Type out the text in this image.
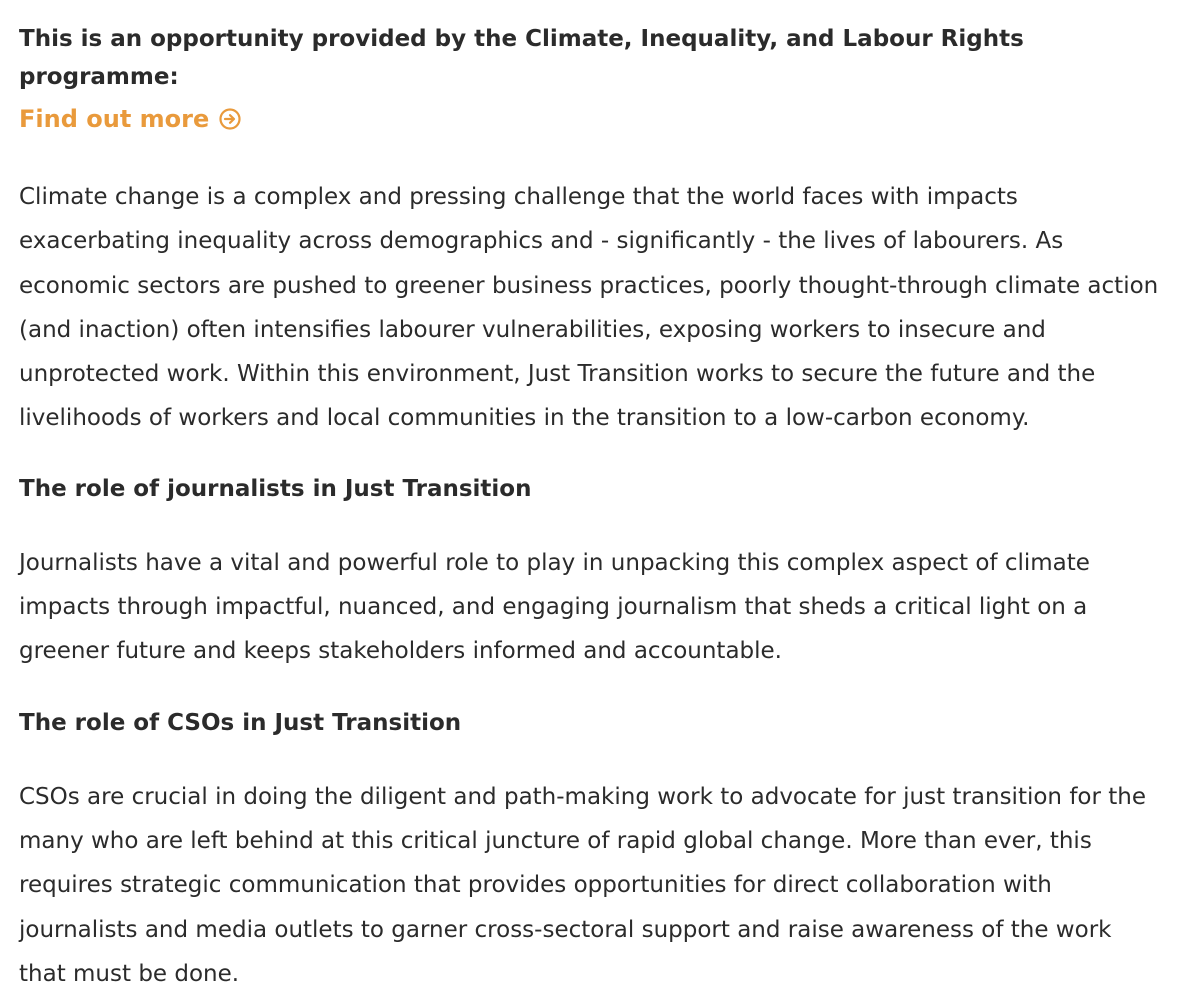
This is an opportunity provided by the Climate, Inequality, and Labour Rights programme:

Find out more

Climate change is a complex and pressing challenge that the world faces with impacts exacerbating inequality across demographics and - significantly - the lives of labourers. As economic sectors are pushed to greener business practices, poorly thought-through climate action (and inaction) often intensifies labourer vulnerabilities, exposing workers to insecure and unprotected work. Within this environment, Just Transition works to secure the future and the livelihoods of workers and local communities in the transition to a low-carbon economy.

The role of journalists in Just Transition

Journalists have a vital and powerful role to play in unpacking this complex aspect of climate impacts through impactful, nuanced, and engaging journalism that sheds a critical light on a greener future and keeps stakeholders informed and accountable.

The role of CSOs in Just Transition

CSOs are crucial in doing the diligent and path-making work to advocate for just transition for the many who are left behind at this critical juncture of rapid global change. More than ever, this requires strategic communication that provides opportunities for direct collaboration with journalists and media outlets to garner cross-sectoral support and raise awareness of the work that must be done.
